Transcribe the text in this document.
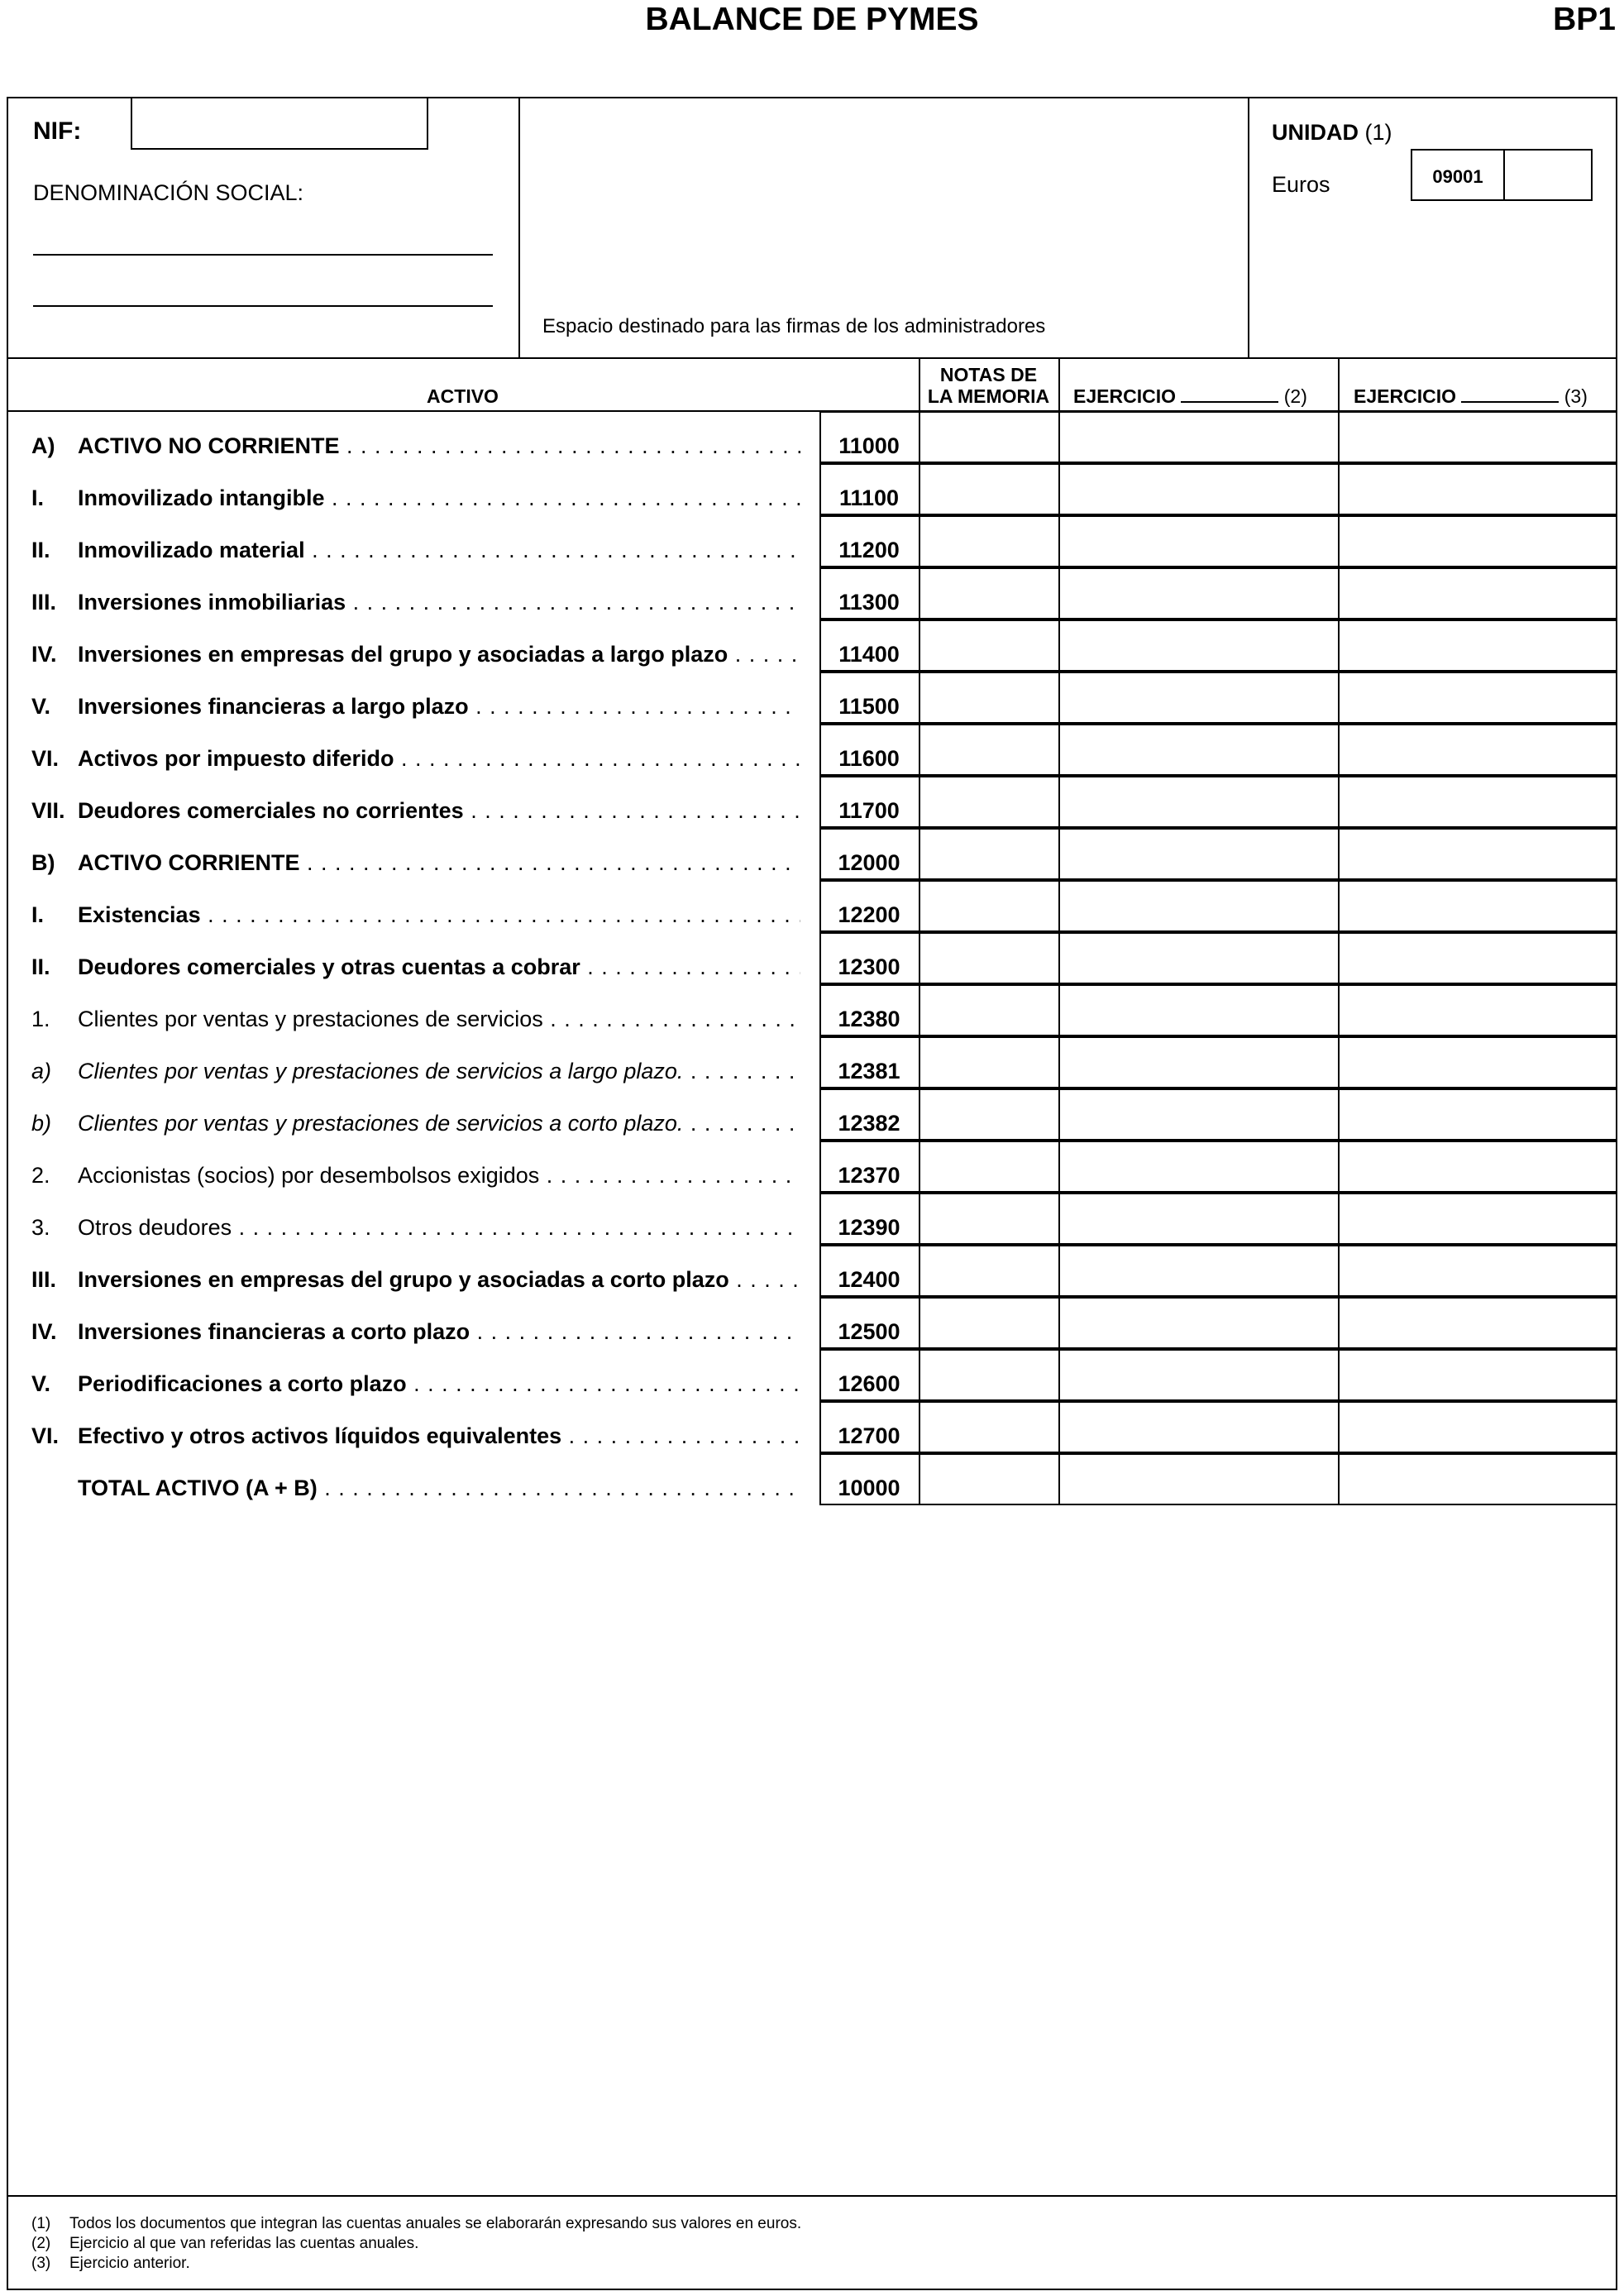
BALANCE DE PYMES	BP1
NIF:
DENOMINACIÓN SOCIAL:
Espacio destinado para las firmas de los administradores
UNIDAD (1)
Euros	09001
ACTIVO
NOTAS DE
LA MEMORIA	EJERCICIO	(2) EJERCICIO	(3)
A) ACTIVO NO CORRIENTE . . .	11000
I. Inmovilizado intangible . . .	11100
II. Inmovilizado material . . .	11200
III. Inversiones inmobiliarias . . .	11300
IV. Inversiones en empresas del grupo y asociadas a largo plazo . . .	11400
V. Inversiones financieras a largo plazo . . .	11500
VI. Activos por impuesto diferido . . .	11600
VII. Deudores comerciales no corrientes . . .	11700
B) ACTIVO CORRIENTE . . .	12000
I. Existencias . . .	12200
II. Deudores comerciales y otras cuentas a cobrar . . .	12300
1. Clientes por ventas y prestaciones de servicios . . .	12380
a) Clientes por ventas y prestaciones de servicios a largo plazo. . . .	12381
b) Clientes por ventas y prestaciones de servicios a corto plazo. . . .	12382
2. Accionistas (socios) por desembolsos exigidos . . .	12370
3. Otros deudores . . .	12390
III. Inversiones en empresas del grupo y asociadas a corto plazo . . .	12400
IV. Inversiones financieras a corto plazo . . .	12500
V. Periodificaciones a corto plazo . . .	12600
VI. Efectivo y otros activos líquidos equivalentes . . .	12700
TOTAL ACTIVO (A + B) . . .	10000
(1) Todos los documentos que integran las cuentas anuales se elaborarán expresando sus valores en euros.
(2) Ejercicio al que van referidas las cuentas anuales.
(3) Ejercicio anterior.
